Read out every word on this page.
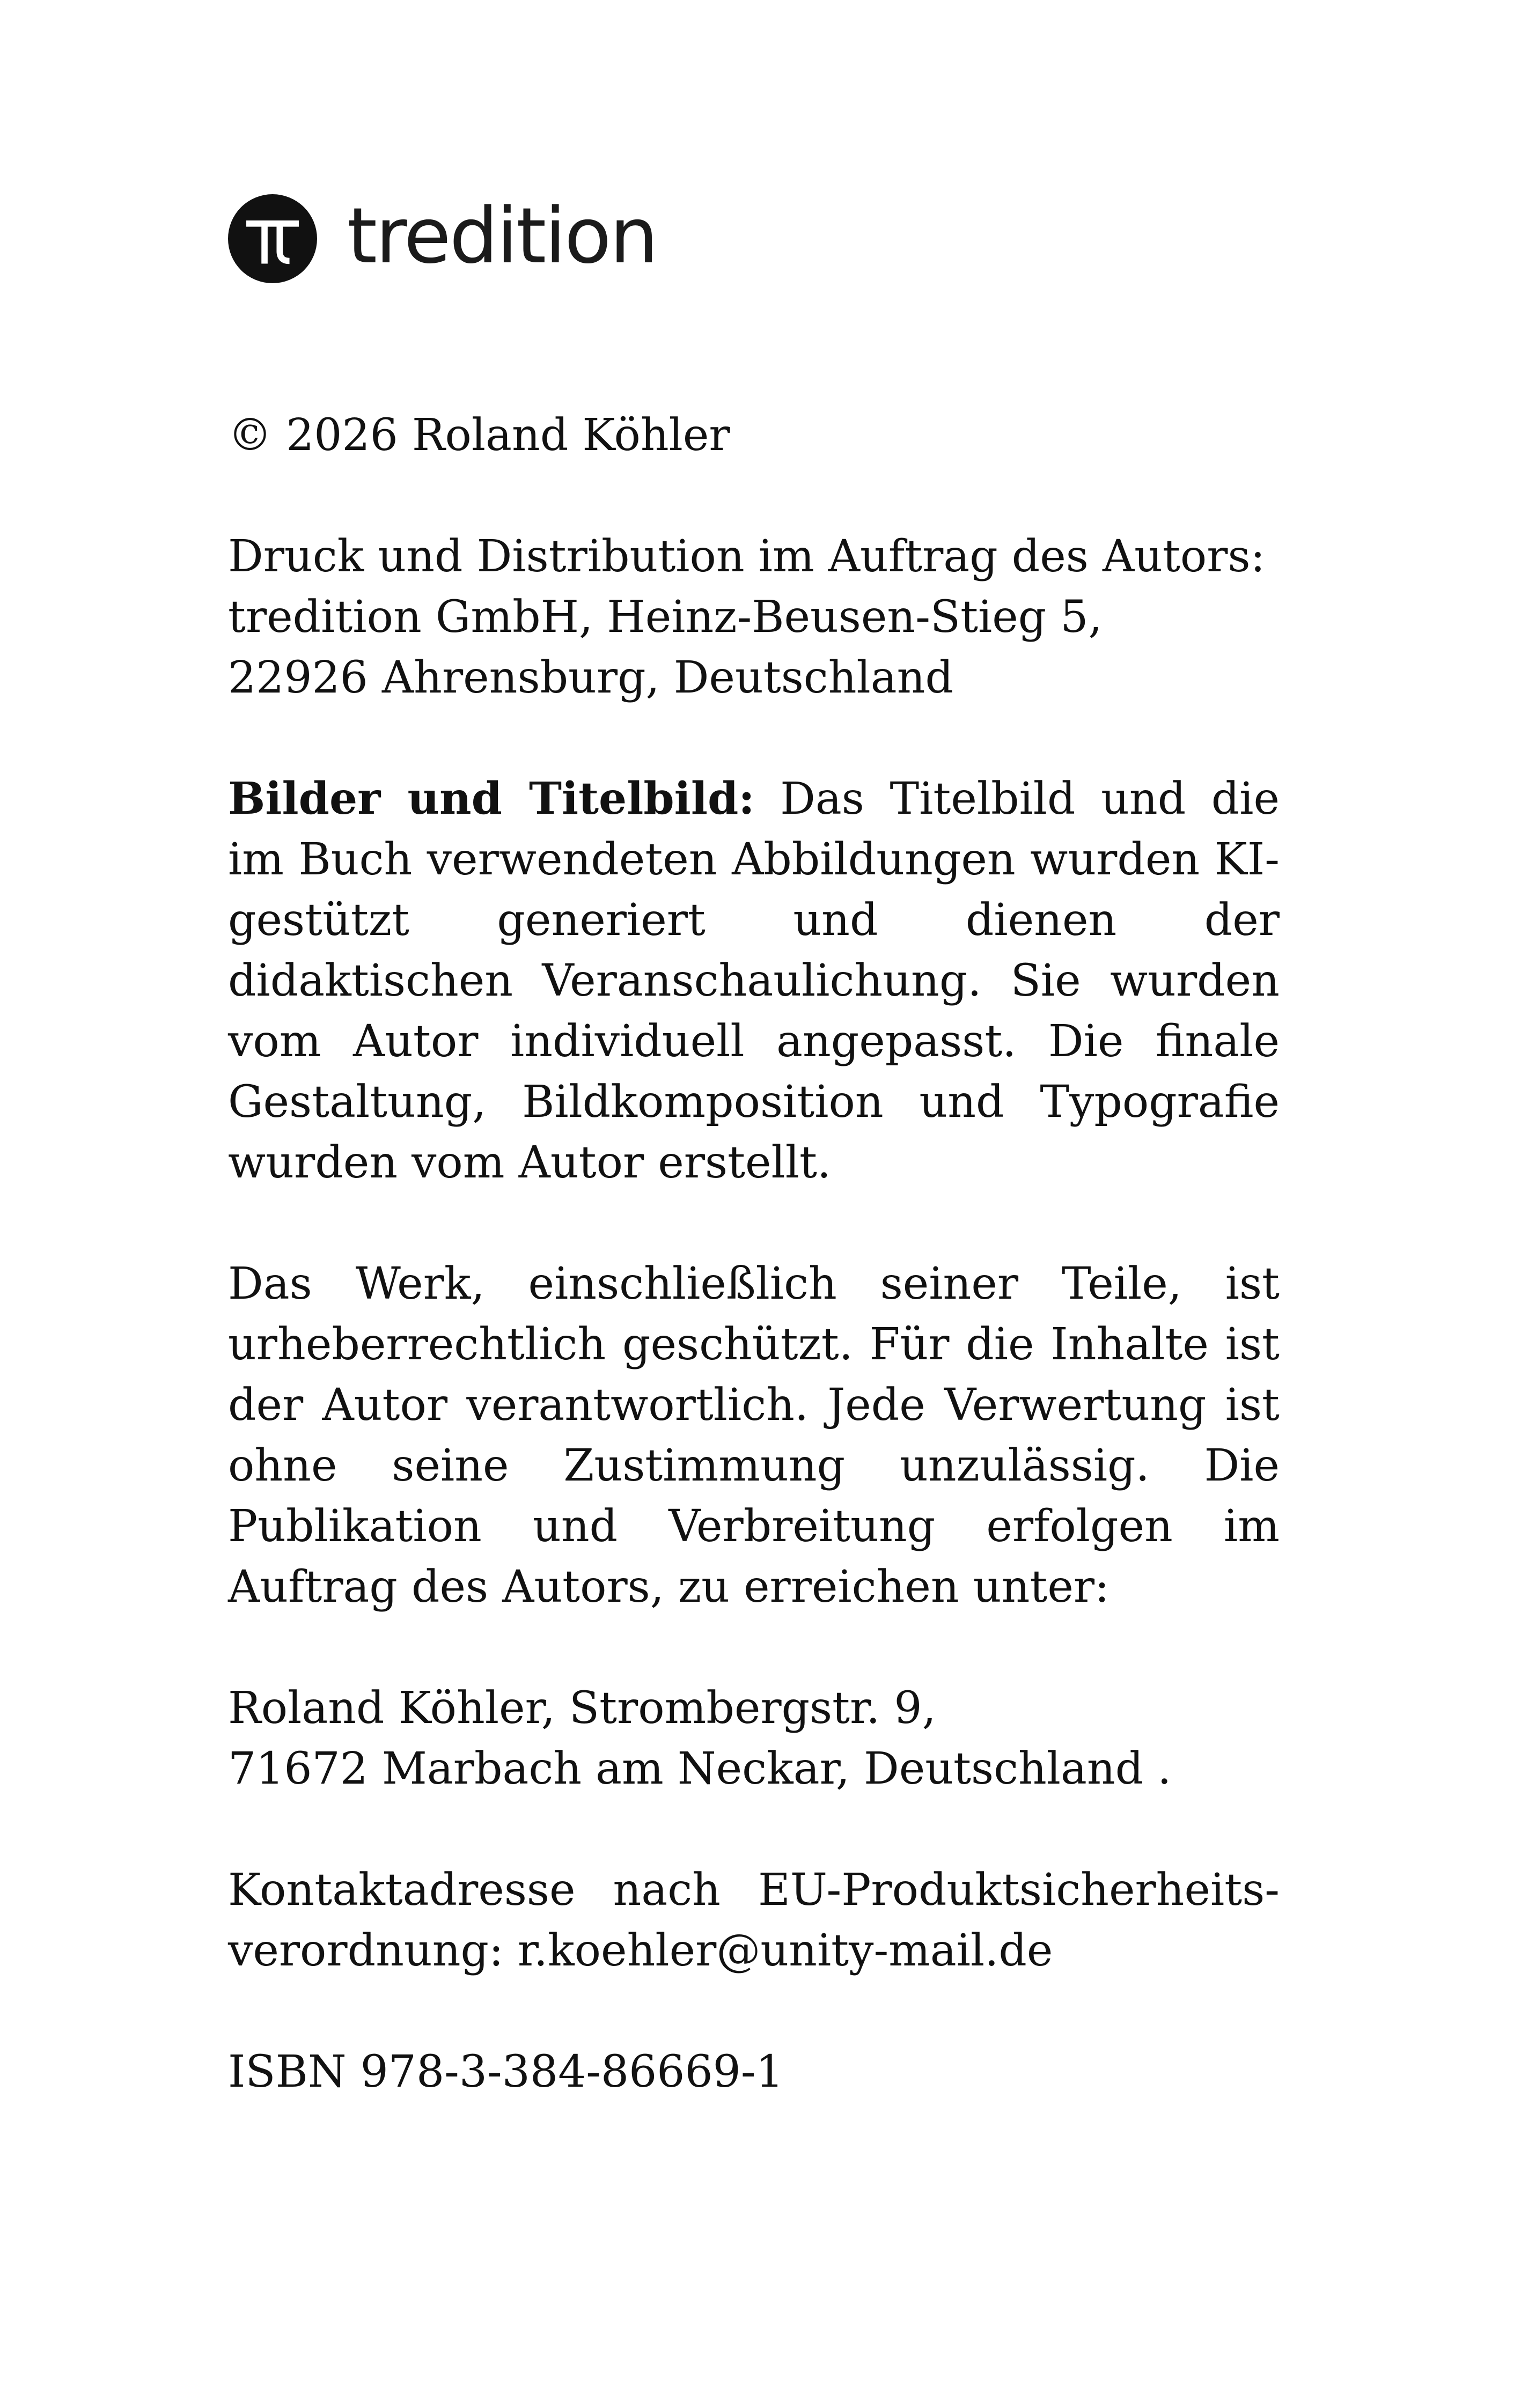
tredition

© 2026 Roland Köhler

Druck und Distribution im Auftrag des Autors:
tredition GmbH, Heinz-Beusen-Stieg 5,
22926 Ahrensburg, Deutschland

Bilder und Titelbild: Das Titelbild und die im Buch verwendeten Abbildungen wurden KI-gestützt generiert und dienen der didaktischen Veranschaulichung. Sie wurden vom Autor individuell angepasst. Die finale Gestaltung, Bildkomposition und Typografie wurden vom Autor erstellt.

Das Werk, einschließlich seiner Teile, ist urheberrechtlich geschützt. Für die Inhalte ist der Autor verantwortlich. Jede Verwertung ist ohne seine Zustimmung unzulässig. Die Publikation und Verbreitung erfolgen im Auftrag des Autors, zu erreichen unter:

Roland Köhler, Strombergstr. 9,
71672 Marbach am Neckar, Deutschland .

Kontaktadresse nach EU-Produktsicherheits- verordnung: r.koehler@unity-mail.de

ISBN 978-3-384-86669-1
